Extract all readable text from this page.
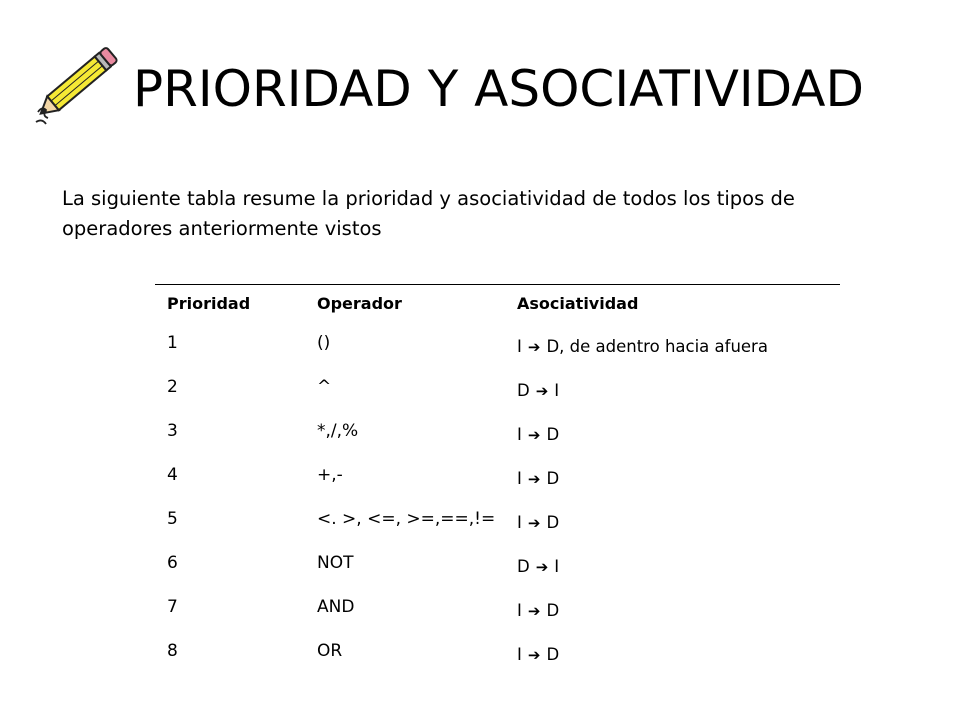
PRIORIDAD Y ASOCIATIVIDAD

La siguiente tabla resume la prioridad y asociatividad de todos los tipos de operadores anteriormente vistos

Prioridad	Operador	Asociatividad
1	()	I ➔ D, de adentro hacia afuera
2	^	D ➔ I
3	*,/,%	I ➔ D
4	+,-	I ➔ D
5	<. >, <=, >=,==,!=	I ➔ D
6	NOT	D ➔ I
7	AND	I ➔ D
8	OR	I ➔ D
